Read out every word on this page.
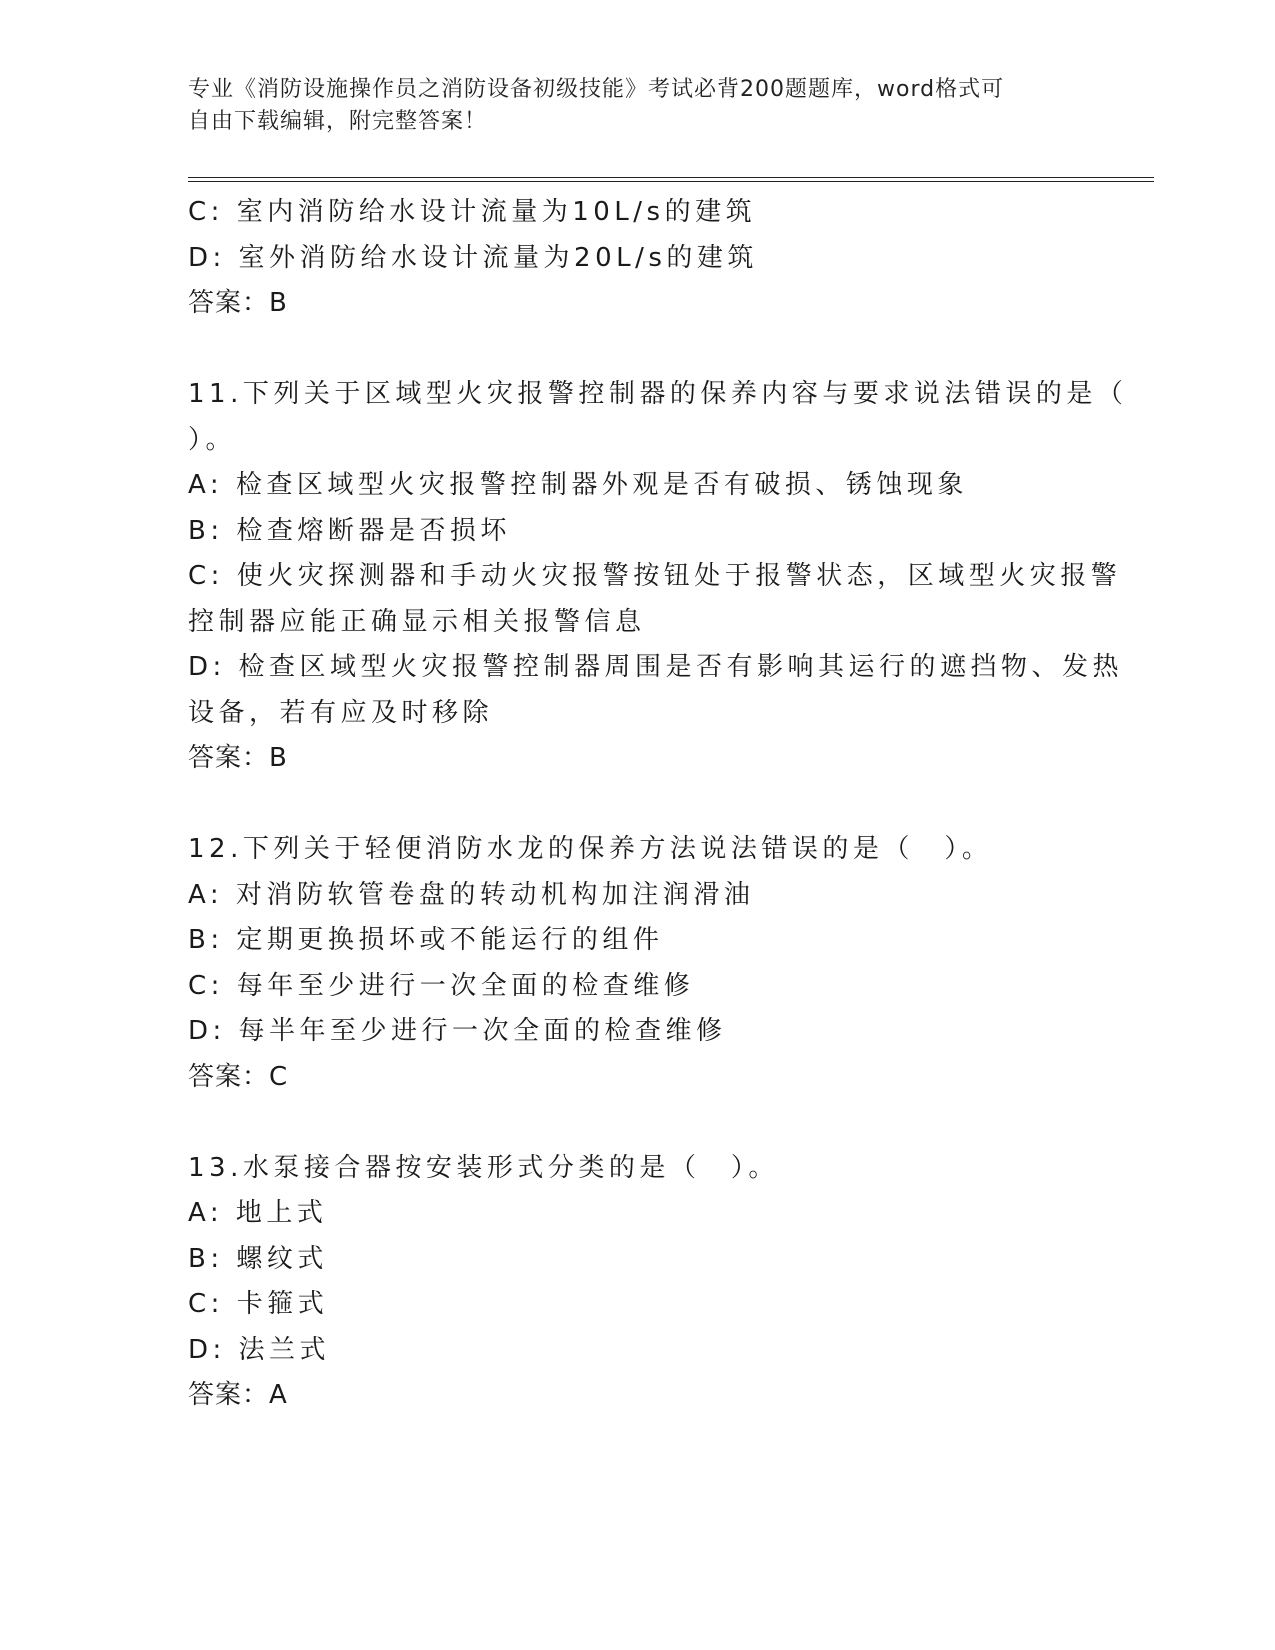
专业《消防设施操作员之消防设备初级技能》考试必背200题题库，word格式可
自由下载编辑，附完整答案！
C: 室内消防给水设计流量为10L/s的建筑
D: 室外消防给水设计流量为20L/s的建筑
答案：B
11.下列关于区域型火灾报警控制器的保养内容与要求说法错误的是（
）。
A: 检查区域型火灾报警控制器外观是否有破损、锈蚀现象
B: 检查熔断器是否损坏
C: 使火灾探测器和手动火灾报警按钮处于报警状态，区域型火灾报警
控制器应能正确显示相关报警信息
D: 检查区域型火灾报警控制器周围是否有影响其运行的遮挡物、发热
设备，若有应及时移除
答案：B
12.下列关于轻便消防水龙的保养方法说法错误的是（　）。
A: 对消防软管卷盘的转动机构加注润滑油
B: 定期更换损坏或不能运行的组件
C: 每年至少进行一次全面的检查维修
D: 每半年至少进行一次全面的检查维修
答案：C
13.水泵接合器按安装形式分类的是（　）。
A: 地上式
B: 螺纹式
C: 卡箍式
D: 法兰式
答案：A
